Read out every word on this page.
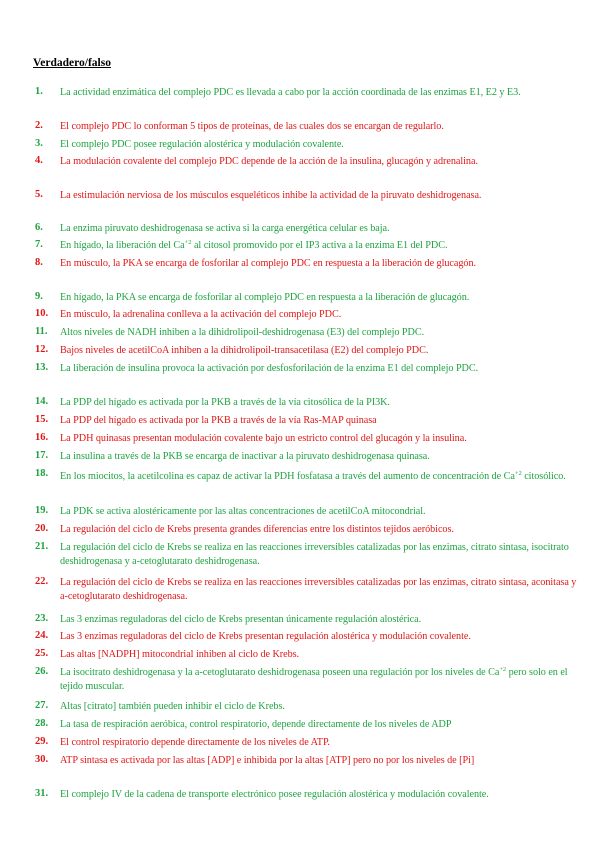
Verdadero/falso

1.	La actividad enzimática del complejo PDC es llevada a cabo por la acción coordinada de las enzimas E1, E2 y E3.
2.	El complejo PDC lo conforman 5 tipos de proteínas, de las cuales dos se encargan de regularlo.
3.	El complejo PDC posee regulación alostérica y modulación covalente.
4.	La modulación covalente del complejo PDC depende de la acción de la insulina, glucagón y adrenalina.
5.	La estimulación nerviosa de los músculos esqueléticos inhibe la actividad de la piruvato deshidrogenasa.
6.	La enzima piruvato deshidrogenasa se activa si la carga energética celular es baja.
7.	En hígado, la liberación del $Ca^{+2}$ al citosol promovido por el IP3 activa a la enzima E1 del PDC.
8.	En músculo, la PKA se encarga de fosforilar al complejo PDC en respuesta a la liberación de glucagón.
9.	En hígado, la PKA se encarga de fosforilar al complejo PDC en respuesta a la liberación de glucagón.
10.	En músculo, la adrenalina conlleva a la activación del complejo PDC.
11.	Altos niveles de NADH inhiben a la dihidrolipoil-deshidrogenasa (E3) del complejo PDC.
12.	Bajos niveles de acetilCoA inhiben a la dihidrolipoil-transacetilasa (E2) del complejo PDC.
13.	La liberación de insulina provoca la activación por desfosforilación de la enzima E1 del complejo PDC.
14.	La PDP del hígado es activada por la PKB a través de la vía citosólica de la PI3K.
15.	La PDP del hígado es activada por la PKB a través de la vía Ras-MAP quinasa
16.	La PDH quinasas presentan modulación covalente bajo un estricto control del glucagón y la insulina.
17.	La insulina a través de la PKB se encarga de inactivar a la piruvato deshidrogenasa quinasa.
18.	En los miocitos, la acetilcolina es capaz de activar la PDH fosfatasa a través del aumento de concentración de $Ca^{+2}$ citosólico.
19.	La PDK se activa alostéricamente por las altas concentraciones de acetilCoA mitocondrial.
20.	La regulación del ciclo de Krebs presenta grandes diferencias entre los distintos tejidos aeróbicos.
21.	La regulación del ciclo de Krebs se realiza en las reacciones irreversibles catalizadas por las enzimas, citrato sintasa, isocitrato deshidrogenasa y a-cetoglutarato deshidrogenasa.
22.	La regulación del ciclo de Krebs se realiza en las reacciones irreversibles catalizadas por las enzimas, citrato sintasa, aconitasa y a-cetoglutarato deshidrogenasa.
23.	Las 3 enzimas reguladoras del ciclo de Krebs presentan únicamente regulación alostérica.
24.	Las 3 enzimas reguladoras del ciclo de Krebs presentan regulación alostérica y modulación covalente.
25.	Las altas [NADPH] mitocondrial inhiben al ciclo de Krebs.
26.	La isocitrato deshidrogenasa y la a-cetoglutarato deshidrogenasa poseen una regulación por los niveles de $Ca^{+2}$ pero solo en el tejido muscular.
27.	Altas [citrato] también pueden inhibir el ciclo de Krebs.
28.	La tasa de respiración aeróbica, control respiratorio, depende directamente de los niveles de ADP
29.	El control respiratorio depende directamente de los niveles de ATP.
30.	ATP sintasa es activada por las altas [ADP] e inhibida por la altas [ATP] pero no por los niveles de [Pi]
31.	El complejo IV de la cadena de transporte electrónico posee regulación alostérica y modulación covalente.
